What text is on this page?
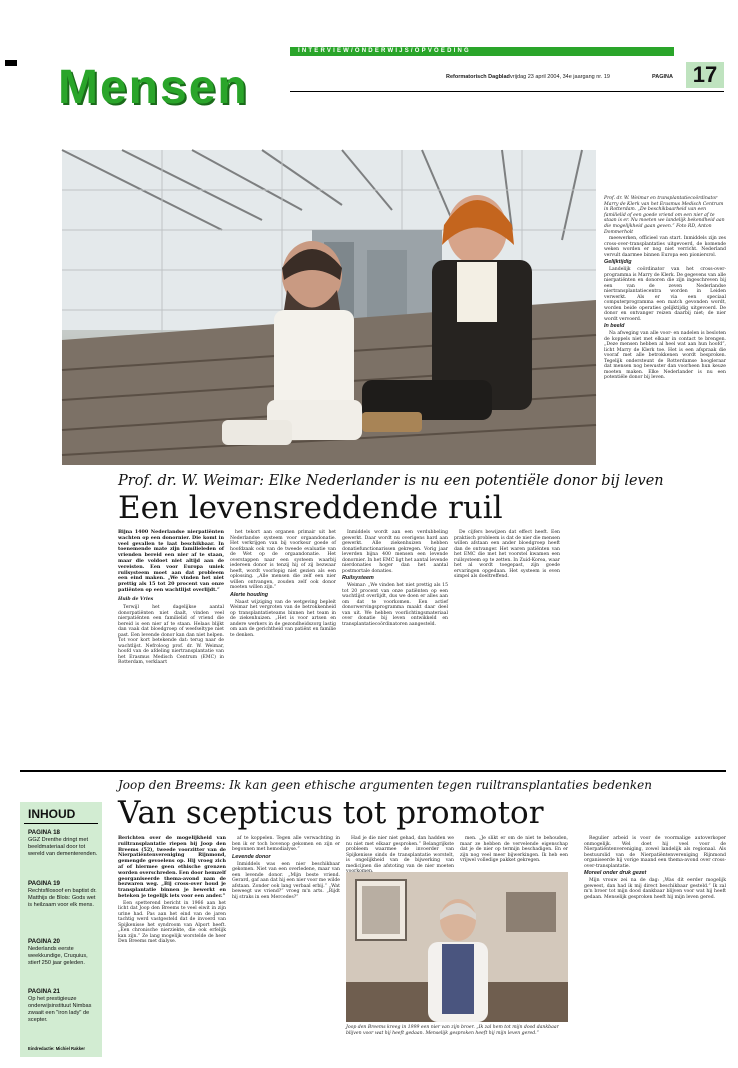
INTERVIEW/ONDERWIJS/OPVOEDING
Mensen	Reformatorisch Dagblad vrijdag 23 april 2004, 34e jaargang nr. 19	PAGINA 17
Prof. dr. W. Weimar en transplantatiecoördinator Marry de Klerk van het Erasmus Medisch Centrum in Rotterdam. „De beschikbaarheid van een familielid of een goede vriend om een nier af te staan is er. Nu moeten we landelijk bekendheid aan die mogelijkheid gaan geven.” Foto RD, Anton Dommerholt
Prof. dr. W. Weimar: Elke Nederlander is nu een potentiële donor bij leven
Een levensreddende ruil

Bijna 1400 Nederlandse nierpatiënten wachten op een donornier. Die komt in veel gevallen te laat beschikbaar. In toenemende mate zijn familieleden of vrienden bereid een nier af te staan, maar die voldoet niet altijd aan de vereisten. Een voor Europa uniek ruilsysteem moet aan dat probleem een eind maken. „We vinden het niet prettig als 15 tot 20 procent van onze patiënten op een wachtlijst overlijdt.”

Huib de Vries

Terwijl het dagelijkse aantal donorpatiënten niet daalt, vinden veel nierpatiënten een familielid of vriend die bereid is een nier af te staan. Helaas blijkt dan vaak dat bloedgroep of weefseltype niet past. Een levende donor kan dan niet helpen. Tot voor kort betekende dat: terug naar de wachtlijst. Nefroloog prof. dr. W. Weimar, hoofd van de afdeling niertransplantatie van het Erasmus Medisch Centrum (EMC) in Rotterdam, verklaart

het tekort aan organen primair uit het Nederlandse systeem voor orgaandonatie. Het verkrijgen van bij voorkeur goede of hoofdzaak ook van de tweede evaluatie van de Wet op de orgaandonatie. Het overstappen naar een systeem waarbij iedereen donor is tenzij hij of zij bezwaar heeft, wordt voorlopig niet gezien als een oplossing. „Alle mensen die zelf een nier willen ontvangen, zouden zelf ook donor moeten willen zijn.”

Alerte houding

Naast wijziging van de wetgeving bepleit Weimar het vergroten van de betrokkenheid op transplantatieteams binnen het team in de ziekenhuizen. „Het is voor artsen en andere werkers in de gezondheidszorg lastig om aan de gerichtheid van patiënt en familie te denken.

Inmiddels wordt aan een verdubbeling gewerkt. Daar wordt nu overigens hard aan gewerkt. Alle ziekenhuizen hebben donatiefunctionarissen gekregen. Vorig jaar leverden bijna 400 mensen een levende donornier. In het EMC ligt het aantal levende nierdonaties hoger dan het aantal postmortale donaties.

Ruilsysteem

Weimar: „We vinden het niet prettig als 15 tot 20 procent van onze patiënten op een wachtlijst overlijdt, dus we doen er alles aan om dat te voorkomen. Een actief donorwervingsprogramma maakt daar deel van uit. We hebben voorlichtingsmateriaal over donatie bij leven ontwikkeld en transplantatiecoördinatoren aangesteld.

De cijfers bewijzen dat effect heeft. Een praktisch probleem is dat de nier die mensen willen afstaan een ander bloedgroep heeft dan de ontvanger. Het waren patiënten van het EMC die met het voorstel kwamen een ruilsysteem op te zetten. In Zuid-Korea, waar het al wordt toegepast, zijn goede ervaringen opgedaan. Het systeem is even simpel als doeltreffend.

meewerken, officieel van start. Inmiddels zijn zes cross-over-transplantaties uitgevoerd, de komende weken worden er nog niet verricht. Nederland vervult daarmee binnen Europa een pioniersrol.

Gelijktijdig

Landelijk coördinator van het cross-over-programma is Marry de Klerk. De gegevens van alle nierpatiënten en donoren die zijn ingeschreven bij een van de zeven Nederlandse niertransplantatiecentra worden in Leiden verwerkt. Als er via een speciaal computerprogramma een match gevonden wordt, worden beide operaties gelijktijdig uitgevoerd. De donor en ontvanger reizen daarbij niet; de nier wordt vervoerd.

In beeld

Na afweging van alle voor- en nadelen is besloten de koppels niet met elkaar in contact te brengen. „Deze mensen hebben al heel wat aan hun hoofd”, licht Marry de Klerk toe. Het is een afspraak die vooraf met alle betrokkenen wordt besproken. Tegelijk ondersteunt de Rotterdamse hoogleraar dat mensen nog bewuster dan voorheen hun keuze moeten maken. Elke Nederlander is nu een potentiële donor bij leven.

INHOUD
PAGINA 18
GGZ Drenthe dringt met beeldmateriaal door tot wereld van dementerenden.
PAGINA 19
Rechtsfilosoof en baptist dr. Matthijs de Blois: Gods wet is heilzaam voor elk mens.
PAGINA 20
Nederlands eerste weekkundige, Cruquius, stierf 250 jaar geleden.
PAGINA 21
Op het prestigieuze onderwijsinstituut Nimbas zwaait een "iron lady" de scepter.
Eindredactie: Michiel Rakker
Joop den Breems: Ik kan geen ethische argumenten tegen ruiltransplantaties bedenken
Van scepticus tot promotor

Berichten over de mogelijkheid van ruiltransplantatie riepen bij Joop den Breems (52), tweede voorzitter van de Nierpatiëntenvereniging Rijnmond, gemengde gevoelens op. Hij vroeg zich af of hiermee geen ethische grenzen worden overschreden. Een door hemzelf georganiseerde thema-avond nam de bezwaren weg. „Bij cross-over houd je transplantatie binnen je bewerkt en beteken je tegelijk iets voor een ander.”

Een spetterend bericht in 1966 aan het licht dat Joop den Breems te veel eiwit in zijn urine had. Pas aan het eind van de jaren tachtig werd vastgesteld dat de invoerd van Spijkenisse het syndroom van Alport heeft. „Een chronische nierziekte, die ook erfelijk kan zijn.” Ze lang mogelijk worstelde de heer Den Breems met dialyse.

af te koppelen. Tegen alle verwachting in ben ik er toch bovenop gekomen en zijn er begonnen met hemodialyse.”

Levende donor

Inmiddels was een nier beschikbaar gekomen. Niet van een overledene, maar van een levende donor. „Mijn beste vriend. Gerard, gaf aan dat hij een nier voor me wilde afstaan. Zonder ook lang verbaal erbij.” „Wat beweegt uw vriend?” vroeg m'n arts. „Rijdt hij straks in een Mercedes?”

Had je die nier niet gehad, dan hadden we nu niet met elkaar gesproken.” Belangrijkste probleem waarmee de invoerder van Spijkenisse sinds de transplantatie worstelt, is ongelijkheid van de bijwerking van medicijnen die afstoting van de nier moeten

men. „Je slikt er om de niet te behouden, maar ze hebben de vervelende eigenschap dat je de nier op termijn beschadigen. En er zijn nog veel meer bijwerkingen. Ik heb een vrijwel volledige pakket gekregen.

Joop den Breems kreeg in 1999 een nier van zijn broer. „Ik zal hem tot mijn dood dankbaar blijven voor wat hij heeft gedaan. Menselijk gesproken heeft hij mijn leven gered.”

Regulier arbeid is voor de voormalige autoverkoper onmogelijk. Wel doet hij veel voor de Nierpatiëntenvereniging, zowel landelijk als regionaal. Als bestuurslid van de Nierpatiëntenvereniging Rijnmond organiseerde hij vorige maand een thema-avond over cross-over-transplantatie.

Moreel onder druk gezet

Mijn vrouw zei na de dag: „Was dit eerder mogelijk geweest, dan had ik mij direct beschikbaar gesteld.” Ik zal m'n broer tot mijn dood dankbaar blijven voor wat hij heeft gedaan. Menselijk gesproken heeft hij mijn leven gered.
